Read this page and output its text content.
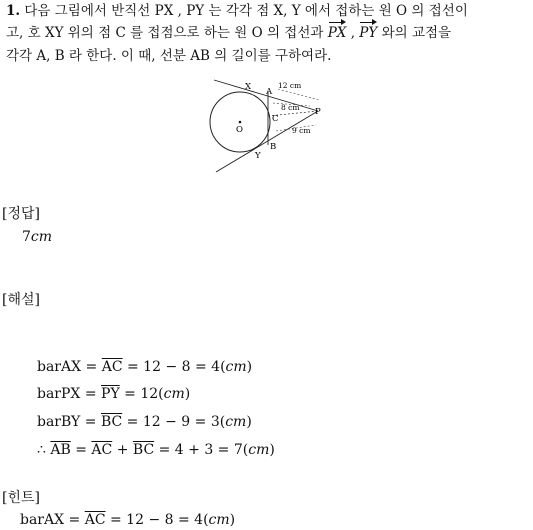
1. 다음 그림에서 반직선 PX , PY 는 각각 점 X, Y 에서 접하는 원 O 의 접선이
고, 호 XY 위의 점 C 를 접점으로 하는 원 O 의 접선과 PX , PY 와의 교점을
각각 A, B 라 한다. 이 때, 선분 AB 의 길이를 구하여라.
X A
P
C
O
B
Y
12 cm
8 cm
9 cm
[정답]
7cm
[해설]
barAX = $\overline{AC} = 12 - 8 = 4(cm)$
barPX = $\overline{PY} = 12(cm)$
barBY = $\overline{BC} = 12 - 9 = 3(cm)$
∴ $\overline{AB} = \overline{AC} + \overline{BC} = 4 + 3 = 7(cm)$
[힌트]
barAX = $\overline{AC} = 12 - 8 = 4(cm)$
